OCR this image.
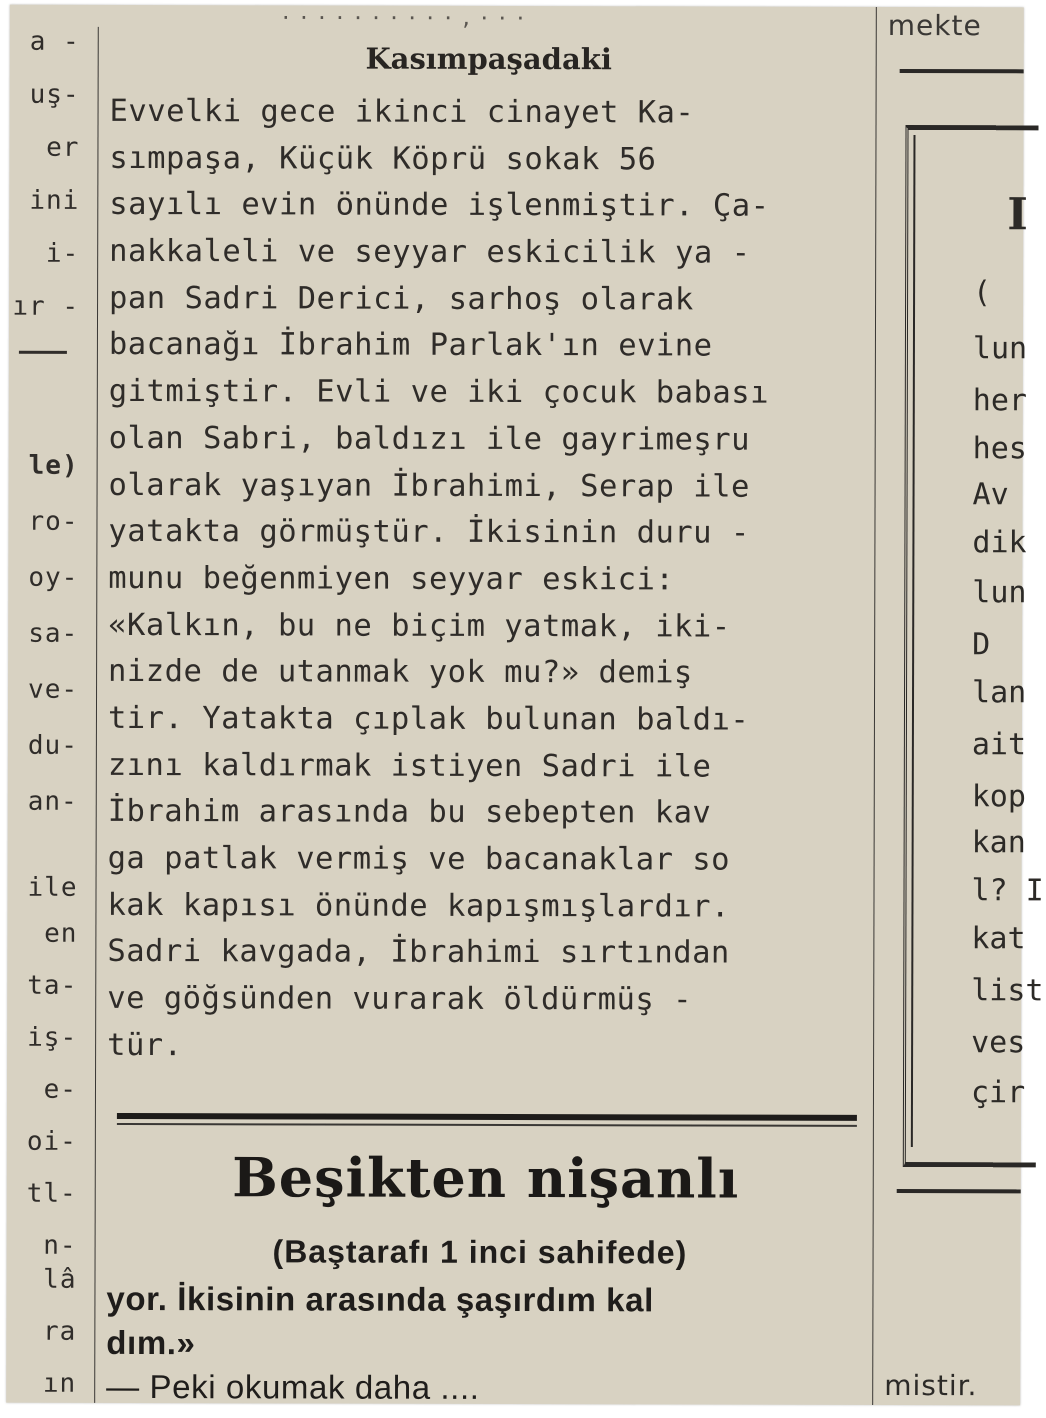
··········,···
a -
uş-
er
ini
i-
ır -
le)
ro-
oy-
sa-
ve-
du-
an-
ile
en
ta-
iş-
e-
oi-
tl-
n-
lâ
ra
ın
Kasımpaşadaki
Evvelki gece ikinci cinayet Ka-
sımpaşa, Küçük Köprü sokak 56
sayılı evin önünde işlenmiştir. Ça-
nakkaleli ve seyyar eskicilik ya -
pan Sadri Derici, sarhoş olarak
bacanağı İbrahim Parlak'ın evine
gitmiştir. Evli ve iki çocuk babası
olan Sabri, baldızı ile gayrimeşru
olarak yaşıyan İbrahimi, Serap ile
yatakta görmüştür. İkisinin duru -
munu beğenmiyen seyyar eskici:
«Kalkın, bu ne biçim yatmak, iki-
nizde de utanmak yok mu?» demiş
tir. Yatakta çıplak bulunan baldı-
zını kaldırmak istiyen Sadri ile
İbrahim arasında bu sebepten kav
ga patlak vermiş ve bacanaklar so
kak kapısı önünde kapışmışlardır.
Sadri kavgada, İbrahimi sırtından
ve göğsünden vurarak öldürmüş -
tür.
Beşikten nişanlı
(Baştarafı 1 inci sahifede)
yor. İkisinin arasında şaşırdım kal
dım.»
— Peki okumak daha ....
mekte
I
(
lun
her
hes
Av
dik
lun
D
lan
ait
kop
kan
l? I
kat
list
ves
çir
mistir.
